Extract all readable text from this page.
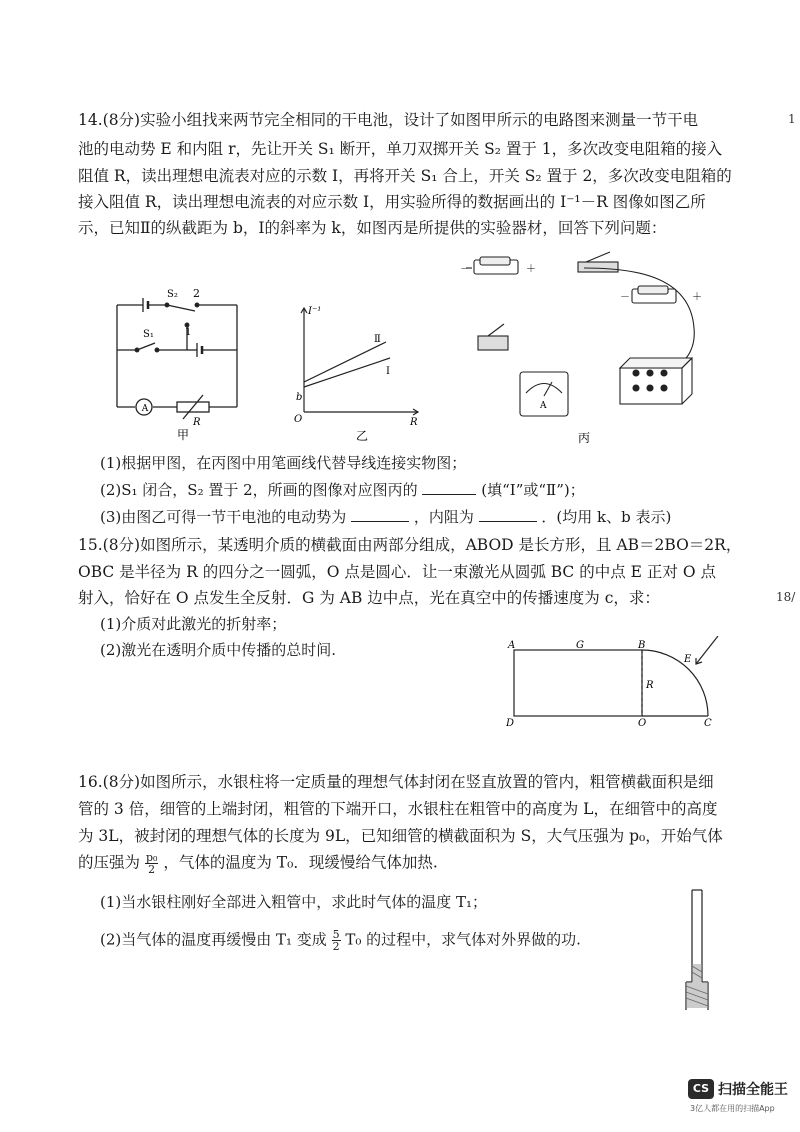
14.(8分)实验小组找来两节完全相同的干电池，设计了如图甲所示的电路图来测量一节干电
池的电动势 E 和内阻 r，先让开关 S₁ 断开，单刀双掷开关 S₂ 置于 1，多次改变电阻箱的接入
阻值 R，读出理想电流表对应的示数 I，再将开关 S₁ 合上，开关 S₂ 置于 2，多次改变电阻箱的
接入阻值 R，读出理想电流表的对应示数 I，用实验所得的数据画出的 I⁻¹－R 图像如图乙所
示，已知Ⅱ的纵截距为 b，Ⅰ的斜率为 k，如图丙是所提供的实验器材，回答下列问题：
A
S₂ 2
S₁	1
R
甲
I⁻¹
R
O
b
Ⅱ
Ⅰ
乙
－	＋
－	＋
A
丙
(1)根据甲图，在丙图中用笔画线代替导线连接实物图；
(2)S₁ 闭合，S₂ 置于 2，所画的图像对应图丙的	(填“Ⅰ”或“Ⅱ”)；
(3)由图乙可得一节干电池的电动势为	，内阻为	．(均用 k、b 表示)
15.(8分)如图所示，某透明介质的横截面由两部分组成，ABOD 是长方形，且 AB＝2BO＝2R，
OBC 是半径为 R 的四分之一圆弧，O 点是圆心．让一束激光从圆弧 BC 的中点 E 正对 O 点
射入，恰好在 O 点发生全反射．G 为 AB 边中点，光在真空中的传播速度为 c，求：
(1)介质对此激光的折射率；
(2)激光在透明介质中传播的总时间.	A	G	B
E
R
D	O	C
16.(8分)如图所示，水银柱将一定质量的理想气体封闭在竖直放置的管内，粗管横截面积是细
管的 3 倍，细管的上端封闭，粗管的下端开口，水银柱在粗管中的高度为 L，在细管中的高度
为 3L，被封闭的理想气体的长度为 9L，已知细管的横截面积为 S，大气压强为 p₀，开始气体
的压强为 $\frac{\text{p₀}}{2}$ ，气体的温度为 T₀．现缓慢给气体加热.
(1)当水银柱刚好全部进入粗管中，求此时气体的温度 T₁；
(2)当气体的温度再缓慢由 T₁ 变成 $\frac{5}{2} T_0$ 的过程中，求气体对外界做的功.
1
18/
CS 扫描全能王
3亿人都在用的扫描App
